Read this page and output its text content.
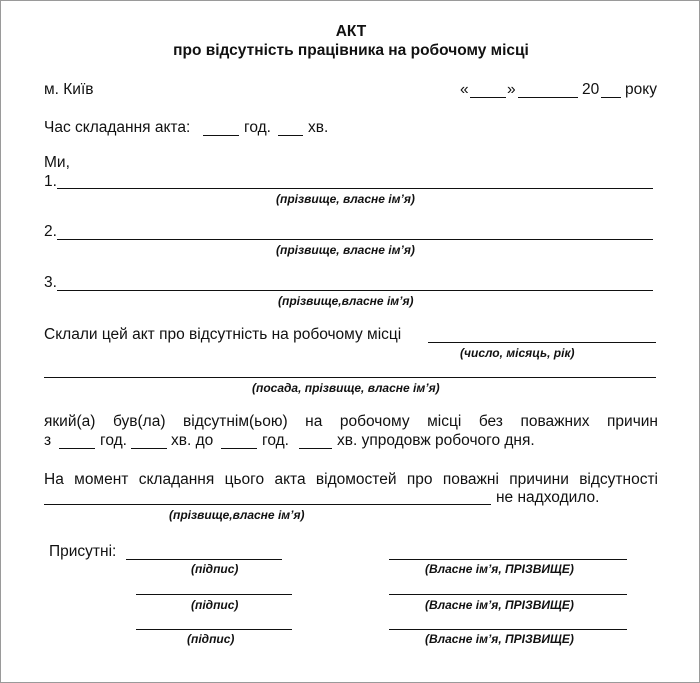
АКТ
про відсутність працівника на робочому місці
м. Київ	« »	20 року
Час складання акта:	год. хв.
Ми,
1.
(прізвище, власне ім’я)
2.
(прізвище, власне ім’я)
3.
(прізвище,власне ім’я)
Склали цей акт про відсутність на робочому місці
(число, місяць, рік)
(посада, прізвище, власне ім’я)
який(а) був(ла) відсутнім(ьою) на робочому місці без поважних причин
з	год.	хв. до	год.	хв. упродовж робочого дня.
На момент складання цього акта відомостей про поважні причини відсутності
не надходило.
(прізвище,власне ім’я)
Присутні:
(підпис)	(Власне ім’я, ПРІЗВИЩЕ)
(підпис)	(Власне ім’я, ПРІЗВИЩЕ)
(підпис)	(Власне ім’я, ПРІЗВИЩЕ)
